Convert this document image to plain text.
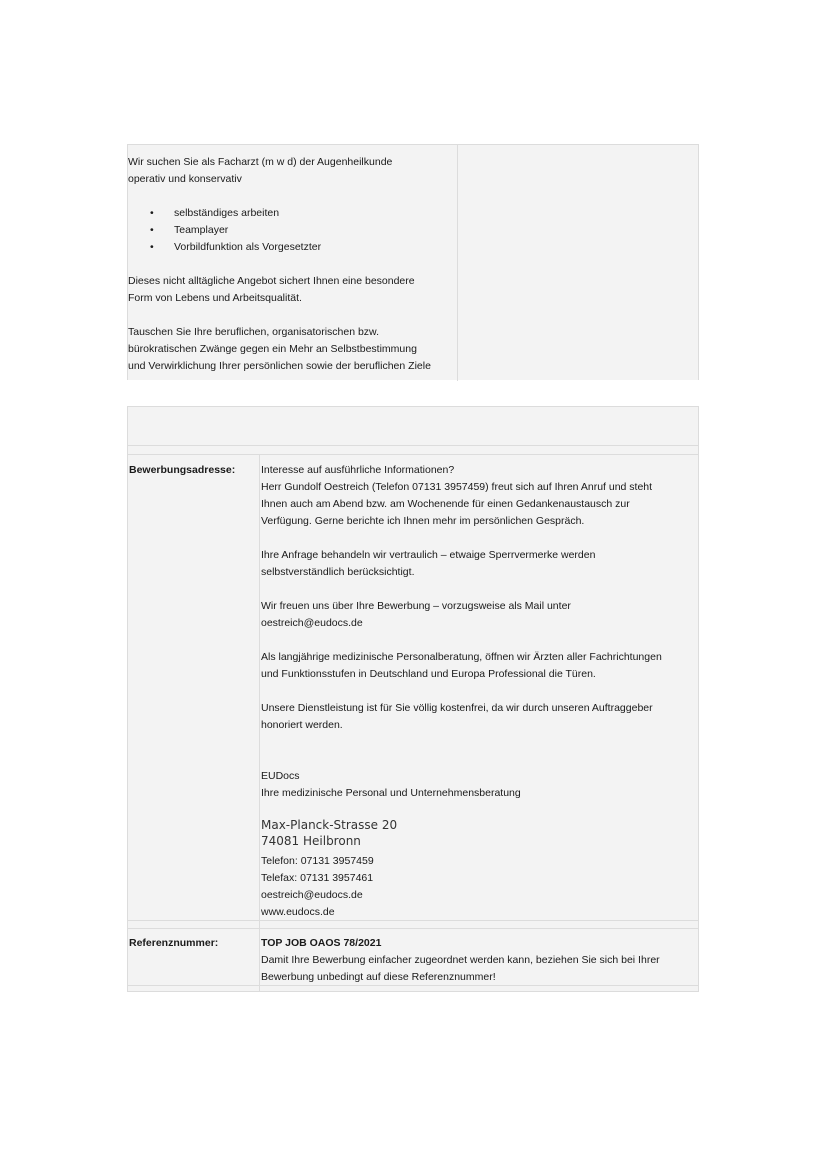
Wir suchen Sie als Facharzt (m w d) der Augenheilkunde
operativ und konservativ
• selbständiges arbeiten
• Teamplayer
• Vorbildfunktion als Vorgesetzter
Dieses nicht alltägliche Angebot sichert Ihnen eine besondere
Form von Lebens und Arbeitsqualität.
Tauschen Sie Ihre beruflichen, organisatorischen bzw.
bürokratischen Zwänge gegen ein Mehr an Selbstbestimmung
und Verwirklichung Ihrer persönlichen sowie der beruflichen Ziele
Bewerbungsadresse: Interesse auf ausführliche Informationen?
Herr Gundolf Oestreich (Telefon 07131 3957459) freut sich auf Ihren Anruf und steht
Ihnen auch am Abend bzw. am Wochenende für einen Gedankenaustausch zur
Verfügung. Gerne berichte ich Ihnen mehr im persönlichen Gespräch.
Ihre Anfrage behandeln wir vertraulich – etwaige Sperrvermerke werden
selbstverständlich berücksichtigt.
Wir freuen uns über Ihre Bewerbung – vorzugsweise als Mail unter
oestreich@eudocs.de
Als langjährige medizinische Personalberatung, öffnen wir Ärzten aller Fachrichtungen
und Funktionsstufen in Deutschland und Europa Professional die Türen.
Unsere Dienstleistung ist für Sie völlig kostenfrei, da wir durch unseren Auftraggeber
honoriert werden.
EUDocs
Ihre medizinische Personal und Unternehmensberatung
Max-Planck-Strasse 20
74081 Heilbronn
Telefon: 07131 3957459
Telefax: 07131 3957461
oestreich@eudocs.de
www.eudocs.de
Referenznummer:	TOP JOB OAOS 78/2021
Damit Ihre Bewerbung einfacher zugeordnet werden kann, beziehen Sie sich bei Ihrer
Bewerbung unbedingt auf diese Referenznummer!
